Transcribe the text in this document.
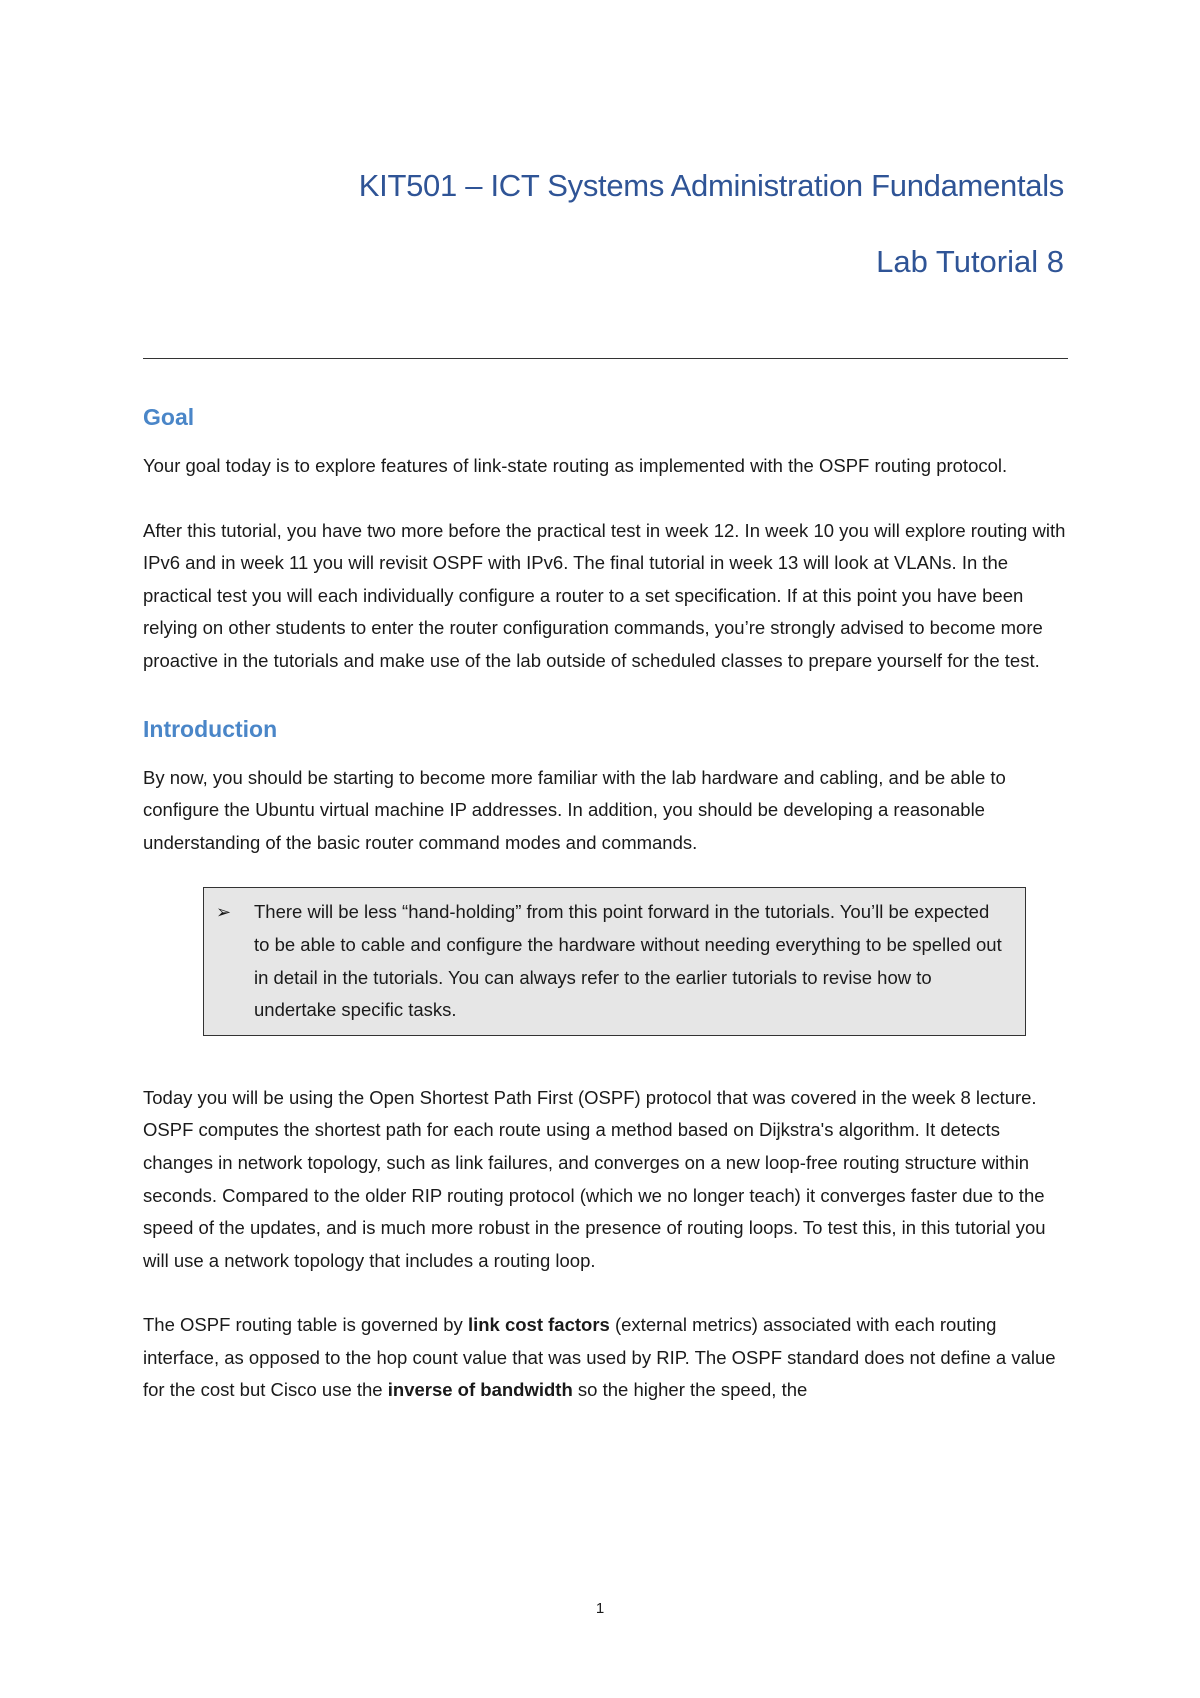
KIT501 – ICT Systems Administration Fundamentals
Lab Tutorial 8
Goal

Your goal today is to explore features of link-state routing as implemented with the OSPF routing protocol.

After this tutorial, you have two more before the practical test in week 12. In week 10 you will explore routing with IPv6 and in week 11 you will revisit OSPF with IPv6. The final tutorial in week 13 will look at VLANs. In the practical test you will each individually configure a router to a set specification. If at this point you have been relying on other students to enter the router configuration commands, you’re strongly advised to become more proactive in the tutorials and make use of the lab outside of scheduled classes to prepare yourself for the test.

Introduction

By now, you should be starting to become more familiar with the lab hardware and cabling, and be able to configure the Ubuntu virtual machine IP addresses. In addition, you should be developing a reasonable understanding of the basic router command modes and commands.

➢	There will be less “hand-holding” from this point forward in the tutorials. You’ll be expected to be able to cable and configure the hardware without needing everything to be spelled out in detail in the tutorials. You can always refer to the earlier tutorials to revise how to undertake specific tasks.

Today you will be using the Open Shortest Path First (OSPF) protocol that was covered in the week 8 lecture. OSPF computes the shortest path for each route using a method based on Dijkstra's algorithm. It detects changes in network topology, such as link failures, and converges on a new loop-free routing structure within seconds. Compared to the older RIP routing protocol (which we no longer teach) it converges faster due to the speed of the updates, and is much more robust in the presence of routing loops. To test this, in this tutorial you will use a network topology that includes a routing loop.

The OSPF routing table is governed by link cost factors (external metrics) associated with each routing interface, as opposed to the hop count value that was used by RIP. The OSPF standard does not define a value for the cost but Cisco use the inverse of bandwidth so the higher the speed, the

1
